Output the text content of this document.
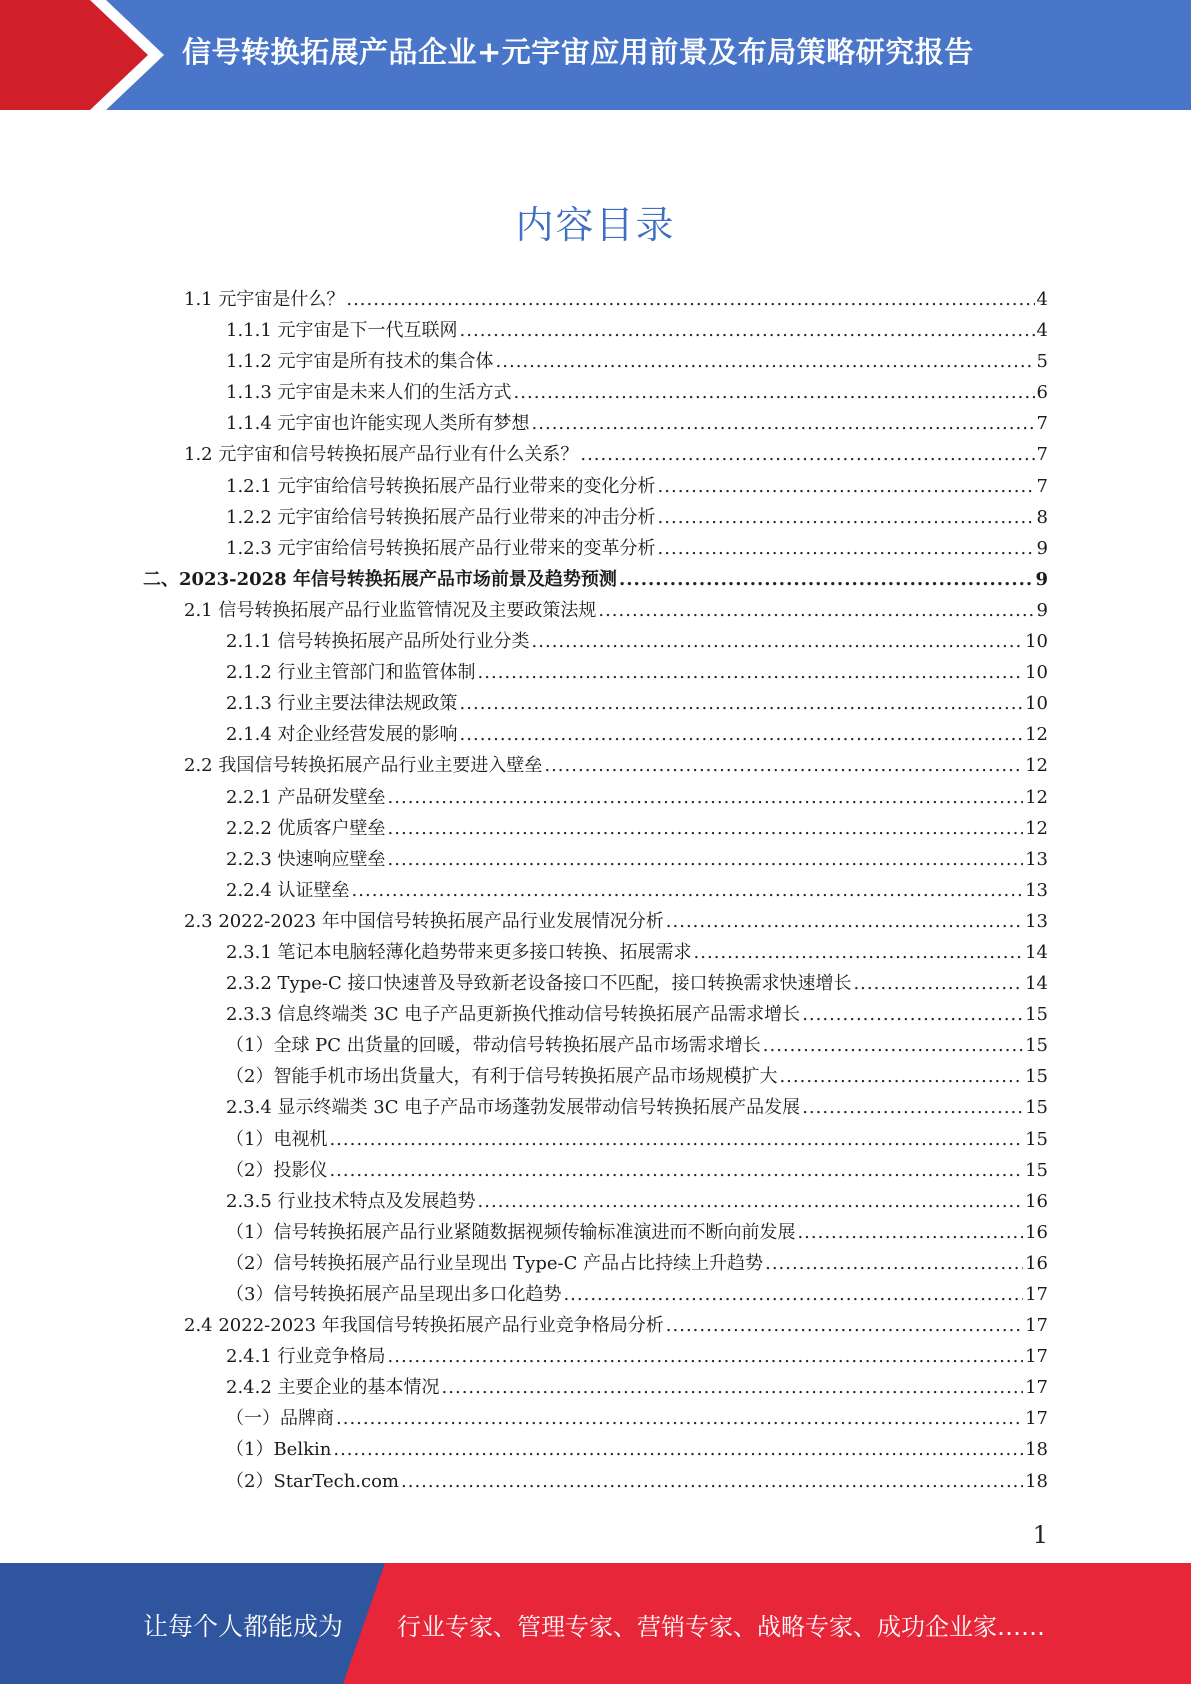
信号转换拓展产品企业+元宇宙应用前景及布局策略研究报告
内容目录
1.1 元宇宙是什么？ .....	4
1.1.1 元宇宙是下一代互联网 .....	4
1.1.2 元宇宙是所有技术的集合体 .....	5
1.1.3 元宇宙是未来人们的生活方式 .....	6
1.1.4 元宇宙也许能实现人类所有梦想 .....	7
1.2 元宇宙和信号转换拓展产品行业有什么关系？ .....	7
1.2.1 元宇宙给信号转换拓展产品行业带来的变化分析 .....	7
1.2.2 元宇宙给信号转换拓展产品行业带来的冲击分析 .....	8
1.2.3 元宇宙给信号转换拓展产品行业带来的变革分析 .....	9
二、2023-2028 年信号转换拓展产品市场前景及趋势预测 .....	9
2.1 信号转换拓展产品行业监管情况及主要政策法规 .....	9
2.1.1 信号转换拓展产品所处行业分类 .....	10
2.1.2 行业主管部门和监管体制 .....	10
2.1.3 行业主要法律法规政策 .....	10
2.1.4 对企业经营发展的影响 .....	12
2.2 我国信号转换拓展产品行业主要进入壁垒 .....	12
2.2.1 产品研发壁垒 .....	12
2.2.2 优质客户壁垒 .....	12
2.2.3 快速响应壁垒 .....	13
2.2.4 认证壁垒 .....	13
2.3 2022-2023 年中国信号转换拓展产品行业发展情况分析 .....	13
2.3.1 笔记本电脑轻薄化趋势带来更多接口转换、拓展需求 .....	14
2.3.2 Type-C 接口快速普及导致新老设备接口不匹配，接口转换需求快速增长 .....	14
2.3.3 信息终端类 3C 电子产品更新换代推动信号转换拓展产品需求增长 .....	15
（1）全球 PC 出货量的回暖，带动信号转换拓展产品市场需求增长 .....	15
（2）智能手机市场出货量大，有利于信号转换拓展产品市场规模扩大 .....	15
2.3.4 显示终端类 3C 电子产品市场蓬勃发展带动信号转换拓展产品发展 .....	15
（1）电视机 .....	15
（2）投影仪 .....	15
2.3.5 行业技术特点及发展趋势 .....	16
（1）信号转换拓展产品行业紧随数据视频传输标准演进而不断向前发展 .....	16
（2）信号转换拓展产品行业呈现出 Type-C 产品占比持续上升趋势 .....	16
（3）信号转换拓展产品呈现出多口化趋势 .....	17
2.4 2022-2023 年我国信号转换拓展产品行业竞争格局分析 .....	17
2.4.1 行业竞争格局 .....	17
2.4.2 主要企业的基本情况 .....	17
（一）品牌商 .....	17
（1）Belkin .....	18
（2）StarTech.com .....	18
1
让每个人都能成为 行业专家、管理专家、营销专家、战略专家、成功企业家……
